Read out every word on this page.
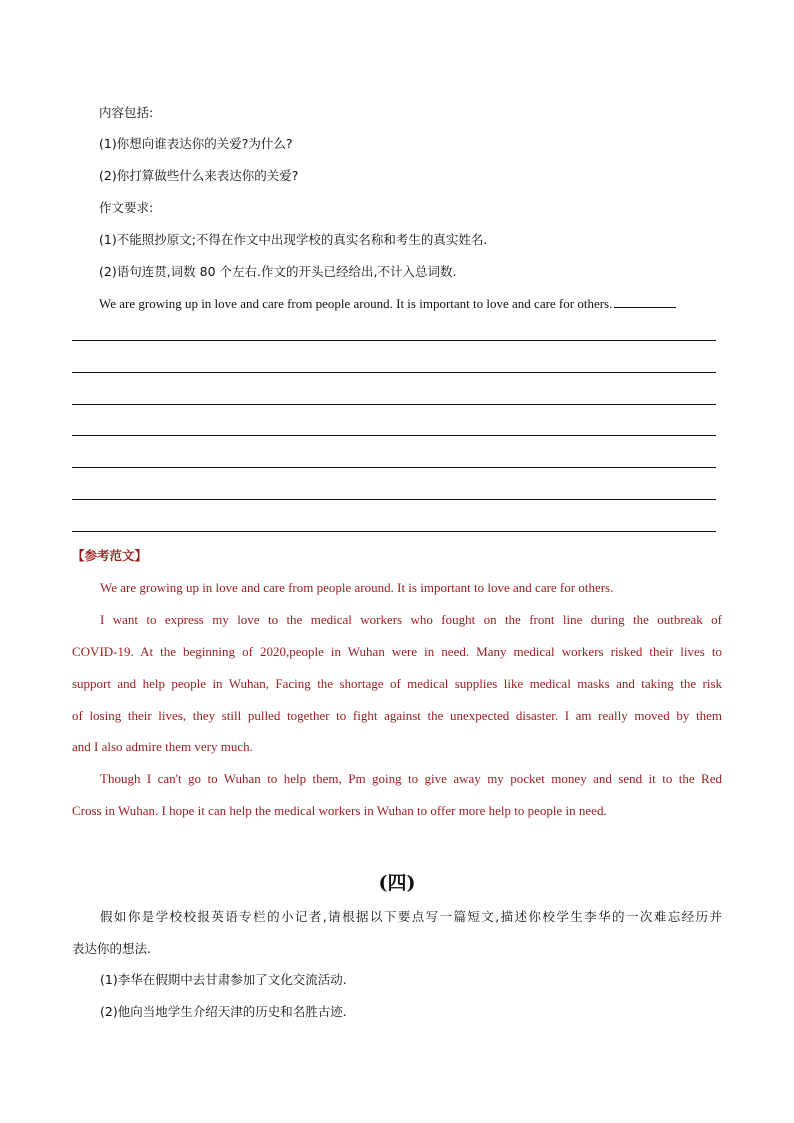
内容包括:
(1)你想向谁表达你的关爱?为什么?
(2)你打算做些什么来表达你的关爱?
作文要求:
(1)不能照抄原文;不得在作文中出现学校的真实名称和考生的真实姓名.
(2)语句连贯,词数 80 个左右.作文的开头已经给出,不计入总词数.
We are growing up in love and care from people around. It is important to love and care for others.
【参考范文】
We are growing up in love and care from people around. It is important to love and care for others.
I want to express my love to the medical workers who fought on the front line during the outbreak of
COVID-19. At the beginning of 2020,people in Wuhan were in need. Many medical workers risked their lives to
support and help people in Wuhan, Facing the shortage of medical supplies like medical masks and taking the risk
of losing their lives, they still pulled together to fight against the unexpected disaster. I am really moved by them
and I also admire them very much.
Though I can't go to Wuhan to help them, Pm going to give away my pocket money and send it to the Red
Cross in Wuhan. I hope it can help the medical workers in Wuhan to offer more help to people in need.
(四)
假如你是学校校报英语专栏的小记者,请根据以下要点写一篇短文,描述你校学生李华的一次难忘经历并
表达你的想法.
(1)李华在假期中去甘肃参加了文化交流活动.
(2)他向当地学生介绍天津的历史和名胜古迹.
